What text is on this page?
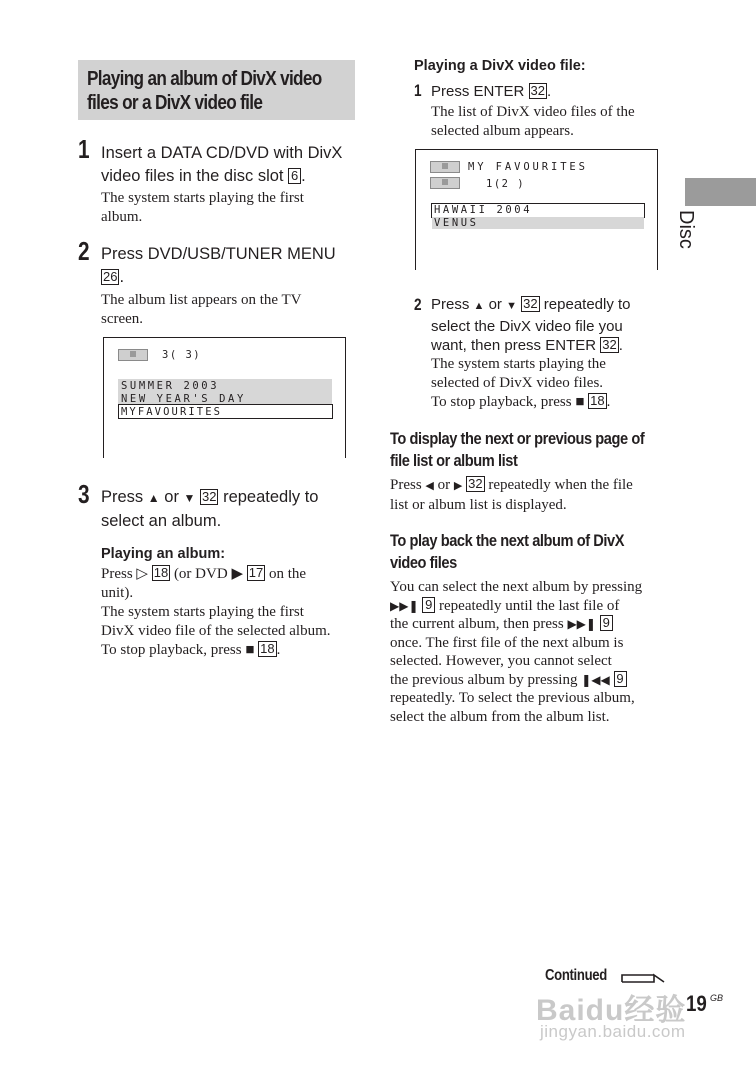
Playing an album of DivX video
files or a DivX video file
1 Insert a DATA CD/DVD with DivX
video files in the disc slot 6 .
The system starts playing the first
album.
2 Press DVD/USB/TUNER MENU
26 .
The album list appears on the TV
screen.
3( 3)
SUMMER 2003
NEW YEAR'S DAY
MYFAVOURITES
3 Press ▲ or ▼ 32 repeatedly to
select an album.
Playing an album:
Press ▷ 18 (or DVD ▶ 17 on the
unit).
The system starts playing the first
DivX video file of the selected album.
To stop playback, press ■ 18 .
Playing a DivX video file:
1 Press ENTER 32 .
The list of DivX video files of the
selected album appears.
MY FAVOURITES
1(2 )
HAWAII 2004
VENUS
2 Press ▲ or ▼ 32 repeatedly to
select the DivX video file you
want, then press ENTER 32 .
The system starts playing the
selected of DivX video files.
To stop playback, press ■ 18 .
To display the next or previous page of
file list or album list
Press ◀ or ▶ 32 repeatedly when the file
list or album list is displayed.
To play back the next album of DivX
video files
You can select the next album by pressing
▶▶❚ 9 repeatedly until the last file of
the current album, then press ▶▶❚ 9
once. The first file of the next album is
selected. However, you cannot select
the previous album by pressing ❚◀◀ 9
repeatedly. To select the previous album,
select the album from the album list.
Disc
Continued
19 GB
Baidu经验
jingyan.baidu.com
